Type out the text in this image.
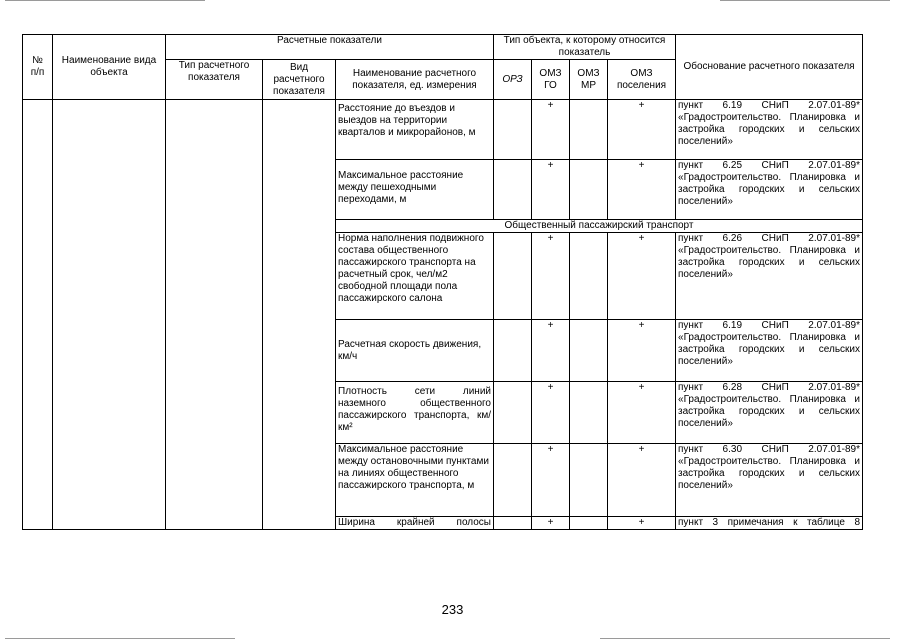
№
п/п	Наименование вида объекта	Расчетные показатели			Тип объекта, к которому относится показатель				Обоснование расчетного показателя
		Тип расчетного показателя	Вид расчетного показателя	Наименование расчетного показателя, ед. измерения	ОРЗ	ОМЗ ГО	ОМЗ МР	ОМЗ поселения	

				Расстояние до въездов и выездов на территории кварталов и микрорайонов, м		+		+	пункт 6.19 СНиП 2.07.01-89* «Градостроительство. Планировка и застройка городских и сельских
поселений»

				Максимальное расстояние между пешеходными переходами, м		+		+	пункт 6.25 СНиП 2.07.01-89* «Градостроительство. Планировка и застройка городских и сельских
поселений»

				Общественный пассажирский транспорт					
				Норма наполнения подвижного состава общественного пассажирского транспорта на расчетный срок, чел/м2 свободной площади пола пассажирского салона		+		+	пункт 6.26 СНиП 2.07.01-89* «Градостроительство. Планировка и застройка городских и сельских
поселений»

				Расчетная скорость движения, км/ч		+		+	пункт 6.19 СНиП 2.07.01-89* «Градостроительство. Планировка и застройка городских и сельских
поселений»

				Плотность сети линий наземного общественного пассажирского транспорта, км/км²		+		+	пункт 6.28 СНиП 2.07.01-89* «Градостроительство. Планировка и застройка городских и сельских
поселений»

				Максимальное расстояние между остановочными пунктами на линиях общественного пассажирского транспорта, м		+		+	пункт 6.30 СНиП 2.07.01-89* «Градостроительство. Планировка и застройка городских и сельских
поселений»

				Ширина крайней полосы		+		+	пункт 3 примечания к таблице 8
233
